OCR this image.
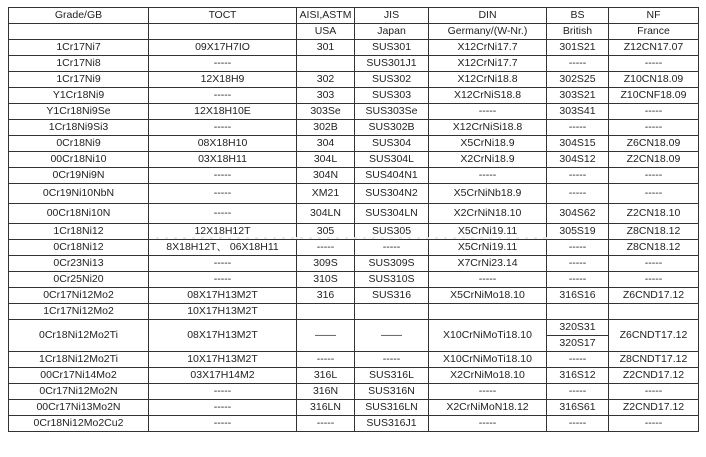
Grade/GB	ТОСТ	AISI,ASTM	JIS	DIN	BS	NF
		USA	Japan	Germany/(W-Nr.)	British	France
1Cr17Ni7	09X17H7IO	301	SUS301	X12CrNi17.7	301S21	Z12CN17.07
1Cr17Ni8	-----		SUS301J1	X12CrNi17.7	-----	-----
1Cr17Ni9	12X18H9	302	SUS302	X12CrNi18.8	302S25	Z10CN18.09
Y1Cr18Ni9	-----	303	SUS303	X12CrNiS18.8	303S21	Z10CNF18.09
Y1Cr18Ni9Se	12X18H10E	303Se	SUS303Se	-----	303S41	-----
1Cr18Ni9Si3	-----	302B	SUS302B	X12CrNiSi18.8	-----	-----
0Cr18Ni9	08X18H10	304	SUS304	X5CrNi18.9	304S15	Z6CN18.09
00Cr18Ni10	03X18H11	304L	SUS304L	X2CrNi18.9	304S12	Z2CN18.09
0Cr19Ni9N	-----	304N	SUS404N1	-----	-----	-----
0Cr19Ni10NbN	-----	XM21	SUS304N2	X5CrNiNb18.9	-----	-----
00Cr18Ni10N	-----	304LN	SUS304LN	X2CrNiN18.10	304S62	Z2CN18.10
1Cr18Ni12	12X18H12T	305	SUS305	X5CrNi19.11	305S19	Z8CN18.12
0Cr18Ni12	8X18H12T、 06X18H11	-----	-----	X5CrNi19.11	-----	Z8CN18.12
0Cr23Ni13	-----	309S	SUS309S	X7CrNi23.14	-----	-----
0Cr25Ni20	-----	310S	SUS310S	-----	-----	-----
0Cr17Ni12Mo2	08X17H13M2T	316	SUS316	X5CrNiMo18.10	316S16	Z6CND17.12
1Cr17Ni12Mo2	10X17H13M2T					
0Cr18Ni12Mo2Ti	08X17H13M2T	——	——	X10CrNiMoTi18.10	320S31	Z6CNDT17.12
					320S17	
1Cr18Ni12Mo2Ti	10X17H13M2T	-----	-----	X10CrNiMoTi18.10	-----	Z8CNDT17.12
00Cr17Ni14Mo2	03X17H14M2	316L	SUS316L	X2CrNiMo18.10	316S12	Z2CND17.12
0Cr17Ni12Mo2N	-----	316N	SUS316N	-----	-----	-----
00Cr17Ni13Mo2N	-----	316LN	SUS316LN	X2CrNiMoN18.12	316S61	Z2CND17.12
0Cr18Ni12Mo2Cu2	-----	-----	SUS316J1	-----	-----	-----
